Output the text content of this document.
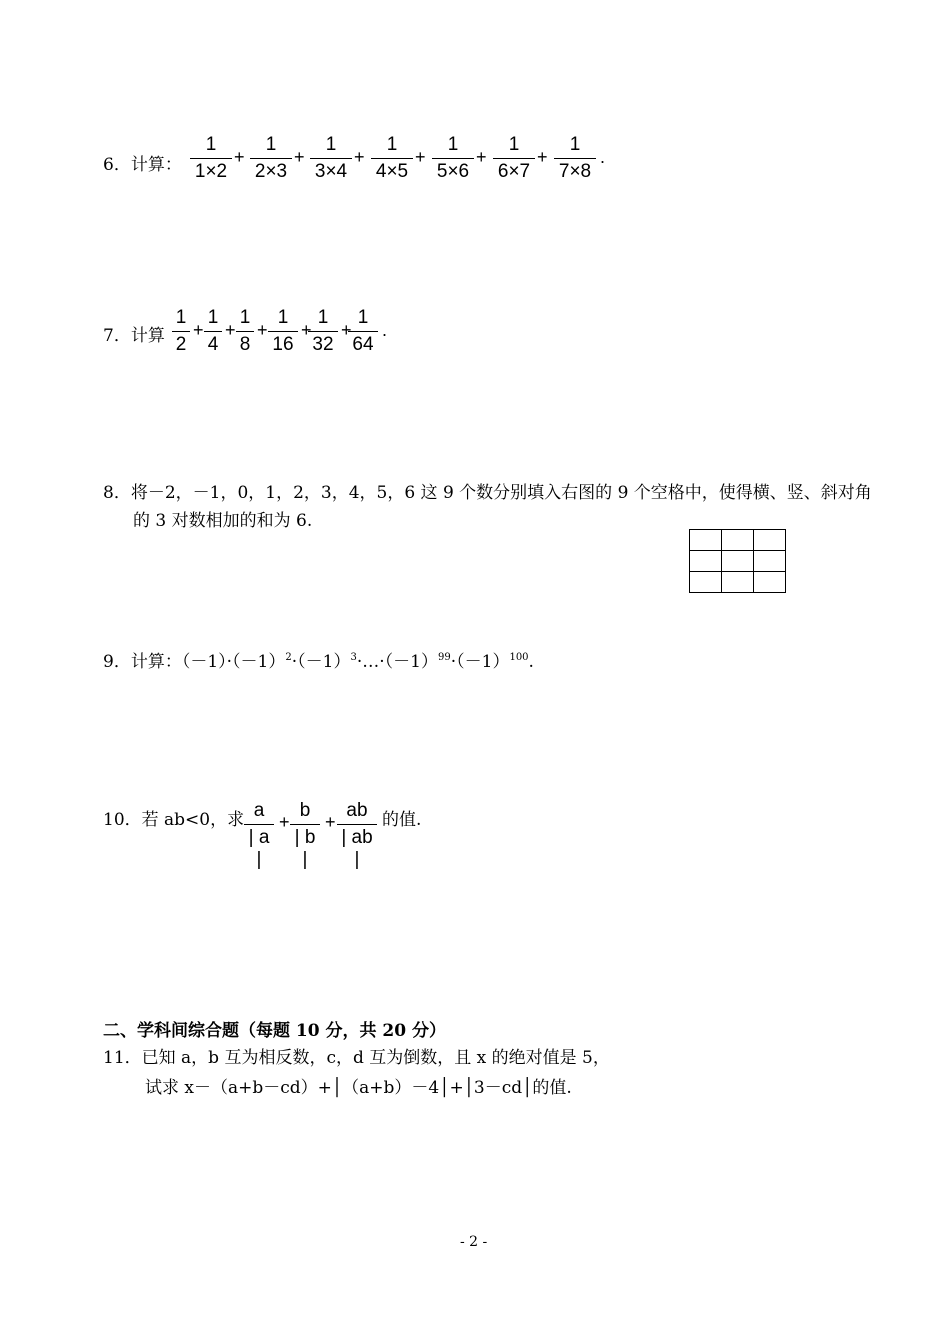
6．计算：
1
1×2
+
1
2×3
+
1
3×4
+
1
4×5
+
1
5×6
+
1
6×7
+
1
7×8
.
7．计算
1
2
+
1
4
+
1
8
+
1
16
+
1
32
+
1
64
.
8．将－2，－1，0，1，2，3，4，5，6 这 9 个数分别填入右图的 9 个空格中，使得横、竖、斜对角
的 3 对数相加的和为 6.

9．计算：$(-1)\cdot(-1)^2\cdot(-1)^3\cdot\dots\cdot(-1)^{99}\cdot(-1)^{100}$.
10．若 ab<0，求 a
| a |
+
b
| b |
+
ab
| ab |
的值.
二、学科间综合题（每题 10 分，共 20 分）
11．已知 a，b 互为相反数，c，d 互为倒数，且 x 的绝对值是 5，
试求 x－（a+b－cd）+│（a+b）－4│+│3－cd│的值.
- 2 -
